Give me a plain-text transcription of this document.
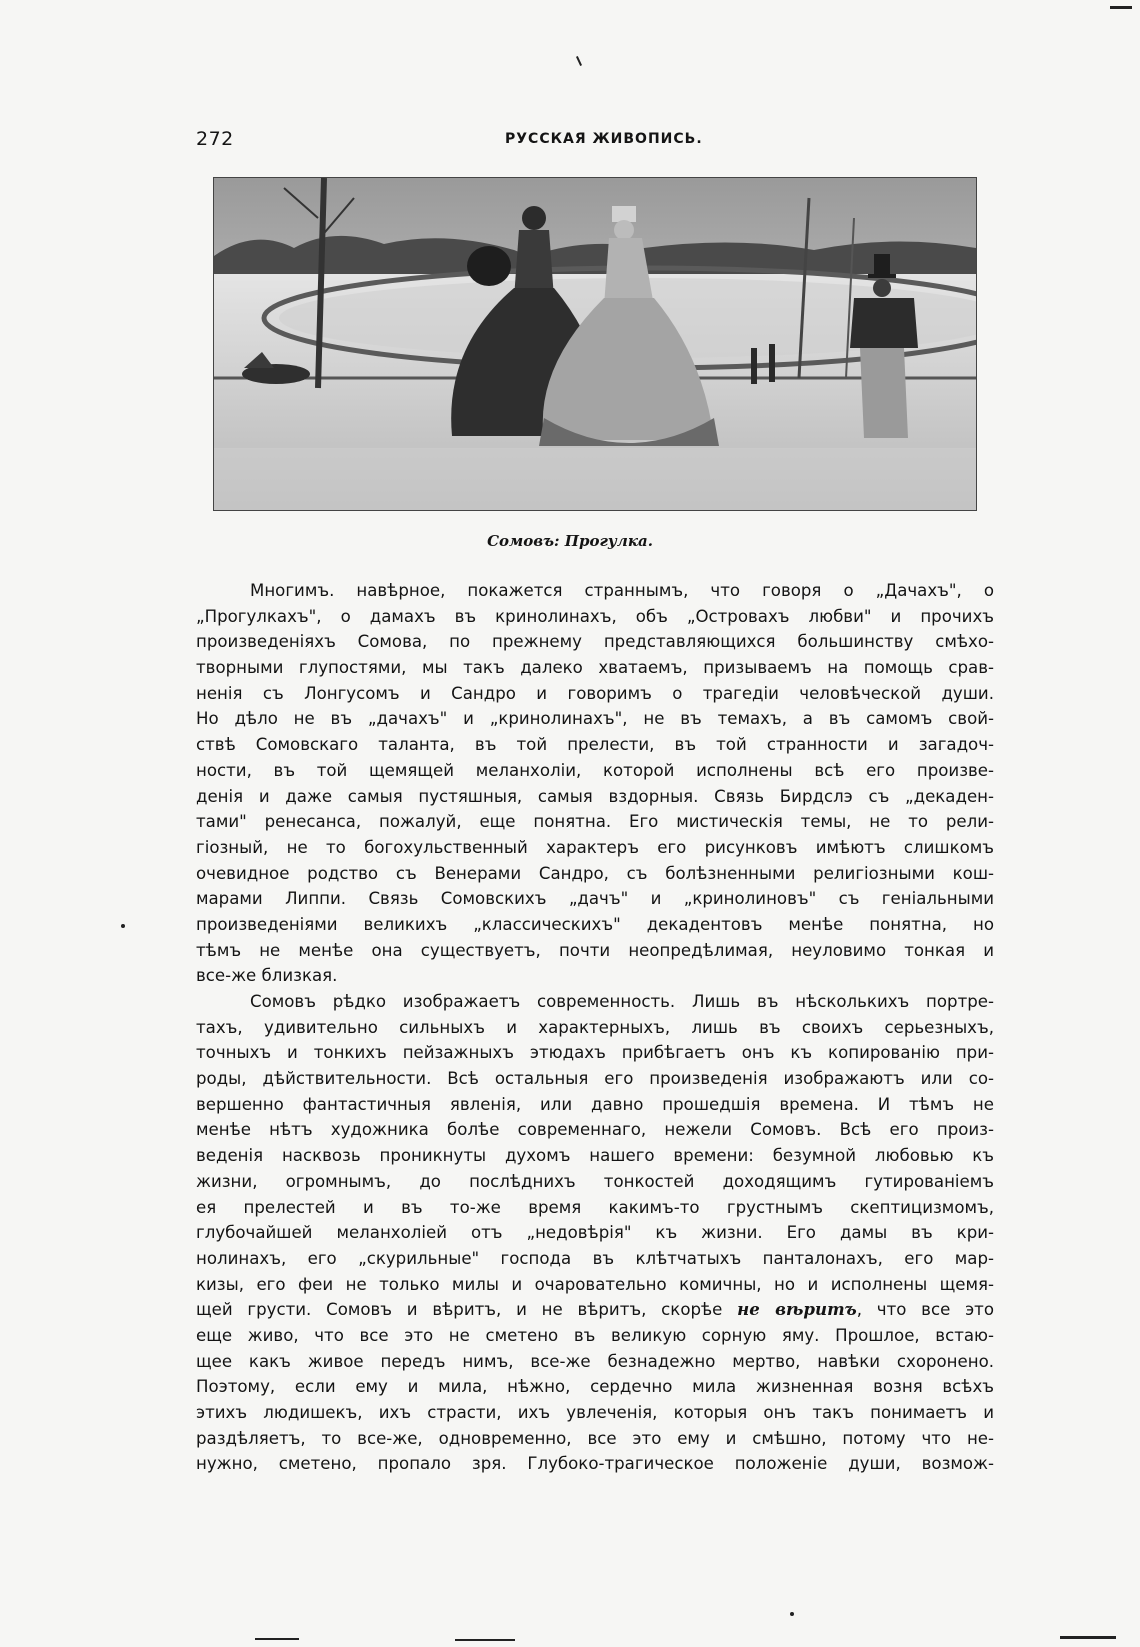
272	РУССКАЯ ЖИВОПИСЬ.
Сомовъ: Прогулка.
Многимъ. навѣрное, покажется страннымъ, что говоря о „Дачахъ", о
„Прогулкахъ", о дамахъ въ кринолинахъ, объ „Островахъ любви" и прочихъ
произведеніяхъ Сомова, по прежнему представляющихся большинству смѣхо-
творными глупостями, мы такъ далеко хватаемъ, призываемъ на помощь срав-
ненія съ Лонгусомъ и Сандро и говоримъ о трагедіи человѣческой души.
Но дѣло не въ „дачахъ" и „кринолинахъ", не въ темахъ, а въ самомъ свой-
ствѣ Сомовскаго таланта, въ той прелести, въ той странности и загадоч-
ности, въ той щемящей меланхоліи, которой исполнены всѣ его произве-
денія и даже самыя пустяшныя, самыя вздорныя. Связь Бирдслэ съ „декаден-
тами" ренесанса, пожалуй, еще понятна. Его мистическія темы, не то рели-
гіозный, не то богохульственный характеръ его рисунковъ имѣютъ слишкомъ
очевидное родство съ Венерами Сандро, съ болѣзненными религіозными кош-
марами Липпи. Связь Сомовскихъ „дачъ" и „кринолиновъ" съ геніальными
произведеніями великихъ „классическихъ" декадентовъ менѣе понятна, но
тѣмъ не менѣе она существуетъ, почти неопредѣлимая, неуловимо тонкая и
все-же близкая.
Сомовъ рѣдко изображаетъ современность. Лишь въ нѣсколькихъ портре-
тахъ, удивительно сильныхъ и характерныхъ, лишь въ своихъ серьезныхъ,
точныхъ и тонкихъ пейзажныхъ этюдахъ прибѣгаетъ онъ къ копированію при-
роды, дѣйствительности. Всѣ остальныя его произведенія изображаютъ или со-
вершенно фантастичныя явленія, или давно прошедшія времена. И тѣмъ не
менѣе нѣтъ художника болѣе современнаго, нежели Сомовъ. Всѣ его произ-
веденія насквозь проникнуты духомъ нашего времени: безумной любовью къ
жизни, огромнымъ, до послѣднихъ тонкостей доходящимъ гутированіемъ
ея прелестей и въ то-же время какимъ-то грустнымъ скептицизмомъ,
глубочайшей меланхоліей отъ „недовѣрія" къ жизни. Его дамы въ кри-
нолинахъ, его „скурильные" господа въ клѣтчатыхъ панталонахъ, его мар-
кизы, его феи не только милы и очаровательно комичны, но и исполнены щемя-
щей грусти. Сомовъ и вѣритъ, и не вѣритъ, скорѣе не вѣритъ, что все это
еще живо, что все это не сметено въ великую сорную яму. Прошлое, встаю-
щее какъ живое передъ нимъ, все-же безнадежно мертво, навѣки схоронено.
Поэтому, если ему и мила, нѣжно, сердечно мила жизненная возня всѣхъ
этихъ людишекъ, ихъ страсти, ихъ увлеченія, которыя онъ такъ понимаетъ и
раздѣляетъ, то все-же, одновременно, все это ему и смѣшно, потому что не-
нужно, сметено, пропало зря. Глубоко-трагическое положеніе души, возмож-
